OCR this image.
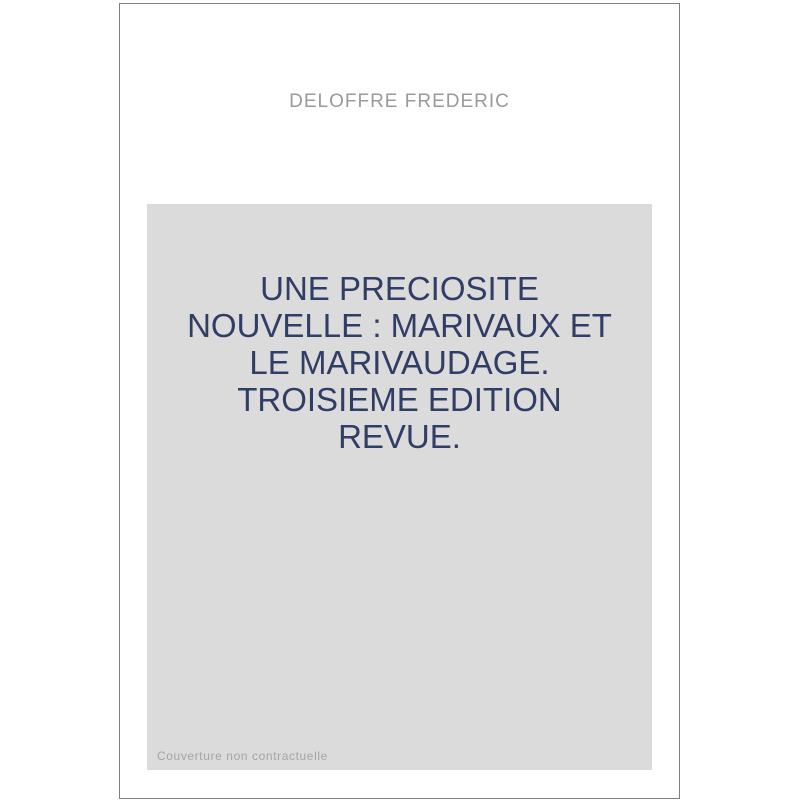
DELOFFRE FREDERIC
UNE PRECIOSITE
NOUVELLE : MARIVAUX ET
LE MARIVAUDAGE.
TROISIEME EDITION
REVUE.
Couverture non contractuelle
